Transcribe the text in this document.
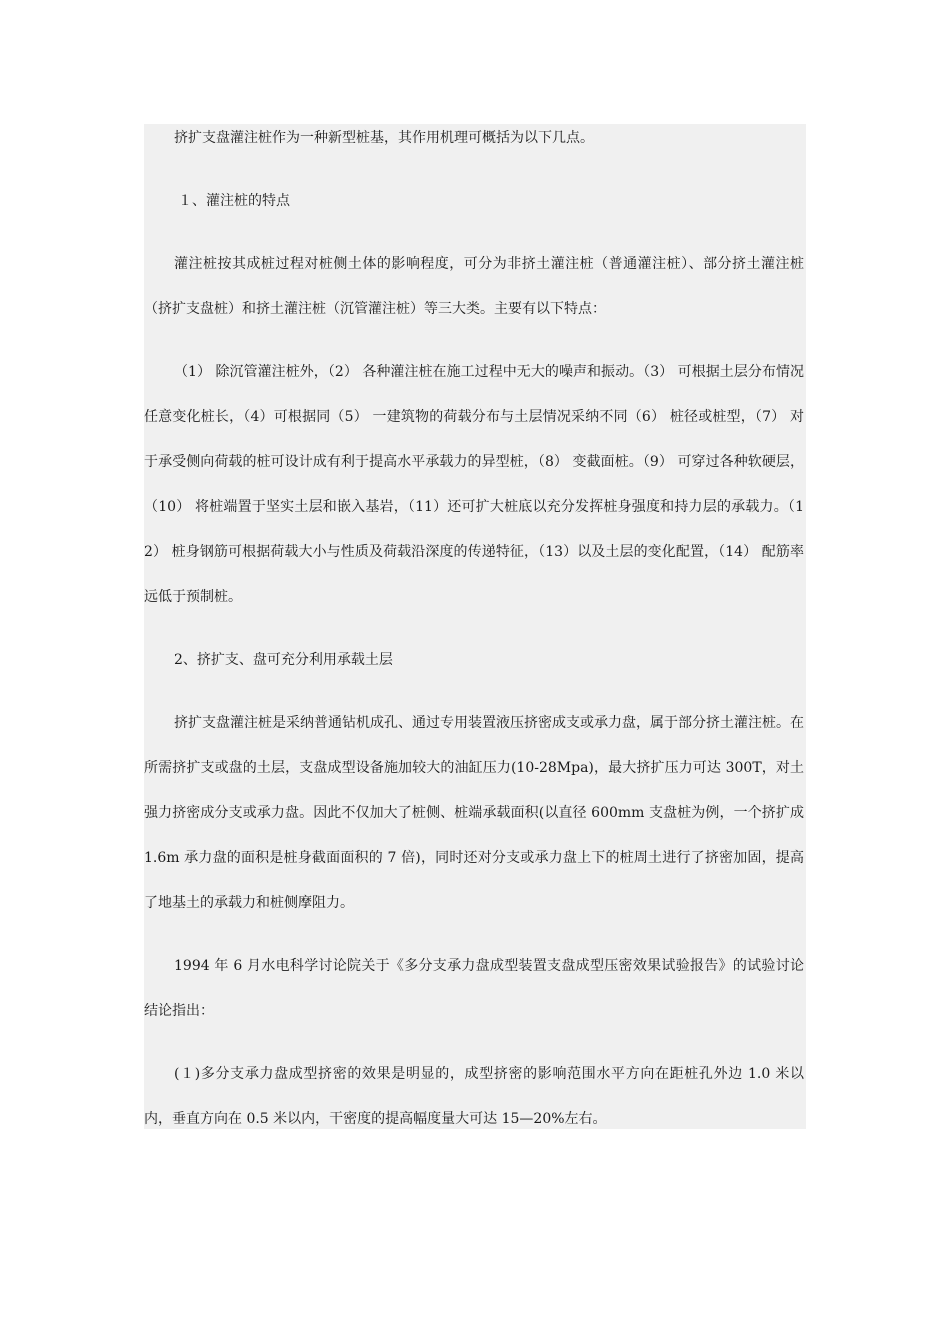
挤扩支盘灌注桩作为一种新型桩基，其作用机理可概括为以下几点。

１、灌注桩的特点

灌注桩按其成桩过程对桩侧土体的影响程度，可分为非挤土灌注桩（普通灌注桩）、部分挤土灌注桩（挤扩支盘桩）和挤土灌注桩（沉管灌注桩）等三大类。主要有以下特点：

（1） 除沉管灌注桩外，（2） 各种灌注桩在施工过程中无大的噪声和振动。（3） 可根据土层分布情况任意变化桩长，（4）可根据同（5） 一建筑物的荷载分布与土层情况采纳不同（6） 桩径或桩型，（7） 对于承受侧向荷载的桩可设计成有利于提高水平承载力的异型桩，（8） 变截面桩。（9） 可穿过各种软硬层，（10） 将桩端置于坚实土层和嵌入基岩，（11）还可扩大桩底以充分发挥桩身强度和持力层的承载力。（12） 桩身钢筋可根据荷载大小与性质及荷载沿深度的传递特征，（13）以及土层的变化配置，（14） 配筋率远低于预制桩。

2、挤扩支、盘可充分利用承载土层

挤扩支盘灌注桩是采纳普通钻机成孔、通过专用装置液压挤密成支或承力盘，属于部分挤土灌注桩。在所需挤扩支或盘的土层，支盘成型设备施加较大的油缸压力(10-28Mpa)，最大挤扩压力可达 300T，对土强力挤密成分支或承力盘。因此不仅加大了桩侧、桩端承载面积(以直径 600mm 支盘桩为例，一个挤扩成 1.6m 承力盘的面积是桩身截面面积的 7 倍)，同时还对分支或承力盘上下的桩周土进行了挤密加固，提高了地基土的承载力和桩侧摩阻力。

1994 年 6 月水电科学讨论院关于《多分支承力盘成型装置支盘成型压密效果试验报告》的试验讨论结论指出：

(１)多分支承力盘成型挤密的效果是明显的，成型挤密的影响范围水平方向在距桩孔外边 1.0 米以内，垂直方向在 0.5 米以内，干密度的提高幅度量大可达 15—20%左右。
